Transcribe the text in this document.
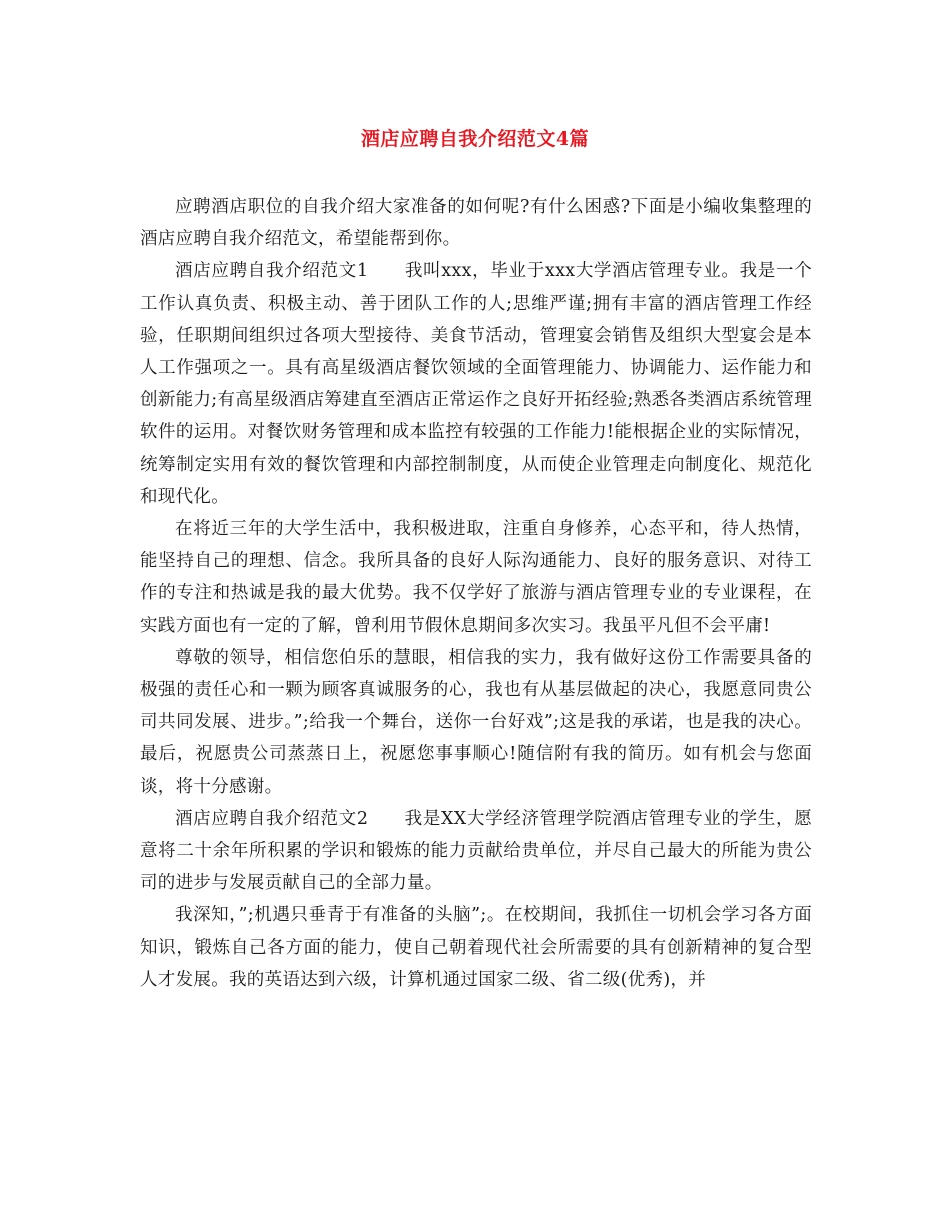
酒店应聘自我介绍范文4篇

应聘酒店职位的自我介绍大家准备的如何呢?有什么困惑?下面是小编收集整理的酒店应聘自我介绍范文，希望能帮到你。

酒店应聘自我介绍范文1 我叫xxx，毕业于xxx大学酒店管理专业。我是一个工作认真负责、积极主动、善于团队工作的人;思维严谨;拥有丰富的酒店管理工作经验，任职期间组织过各项大型接待、美食节活动，管理宴会销售及组织大型宴会是本人工作强项之一。具有高星级酒店餐饮领域的全面管理能力、协调能力、运作能力和创新能力;有高星级酒店筹建直至酒店正常运作之良好开拓经验;熟悉各类酒店系统管理软件的运用。对餐饮财务管理和成本监控有较强的工作能力!能根据企业的实际情况，统筹制定实用有效的餐饮管理和内部控制制度，从而使企业管理走向制度化、规范化和现代化。

在将近三年的大学生活中，我积极进取，注重自身修养，心态平和，待人热情，能坚持自己的理想、信念。我所具备的良好人际沟通能力、良好的服务意识、对待工作的专注和热诚是我的最大优势。我不仅学好了旅游与酒店管理专业的专业课程，在实践方面也有一定的了解，曾利用节假休息期间多次实习。我虽平凡但不会平庸!

尊敬的领导，相信您伯乐的慧眼，相信我的实力，我有做好这份工作需要具备的极强的责任心和一颗为顾客真诚服务的心，我也有从基层做起的决心，我愿意同贵公司共同发展、进步。”;给我一个舞台，送你一台好戏”;这是我的承诺，也是我的决心。最后，祝愿贵公司蒸蒸日上，祝愿您事事顺心!随信附有我的简历。如有机会与您面谈，将十分感谢。

酒店应聘自我介绍范文2 我是XX大学经济管理学院酒店管理专业的学生，愿意将二十余年所积累的学识和锻炼的能力贡献给贵单位，并尽自己最大的所能为贵公司的进步与发展贡献自己的全部力量。

我深知，”;机遇只垂青于有准备的头脑”;。在校期间，我抓住一切机会学习各方面知识，锻炼自己各方面的能力，使自己朝着现代社会所需要的具有创新精神的复合型人才发展。我的英语达到六级，计算机通过国家二级、省二级(优秀)，并
